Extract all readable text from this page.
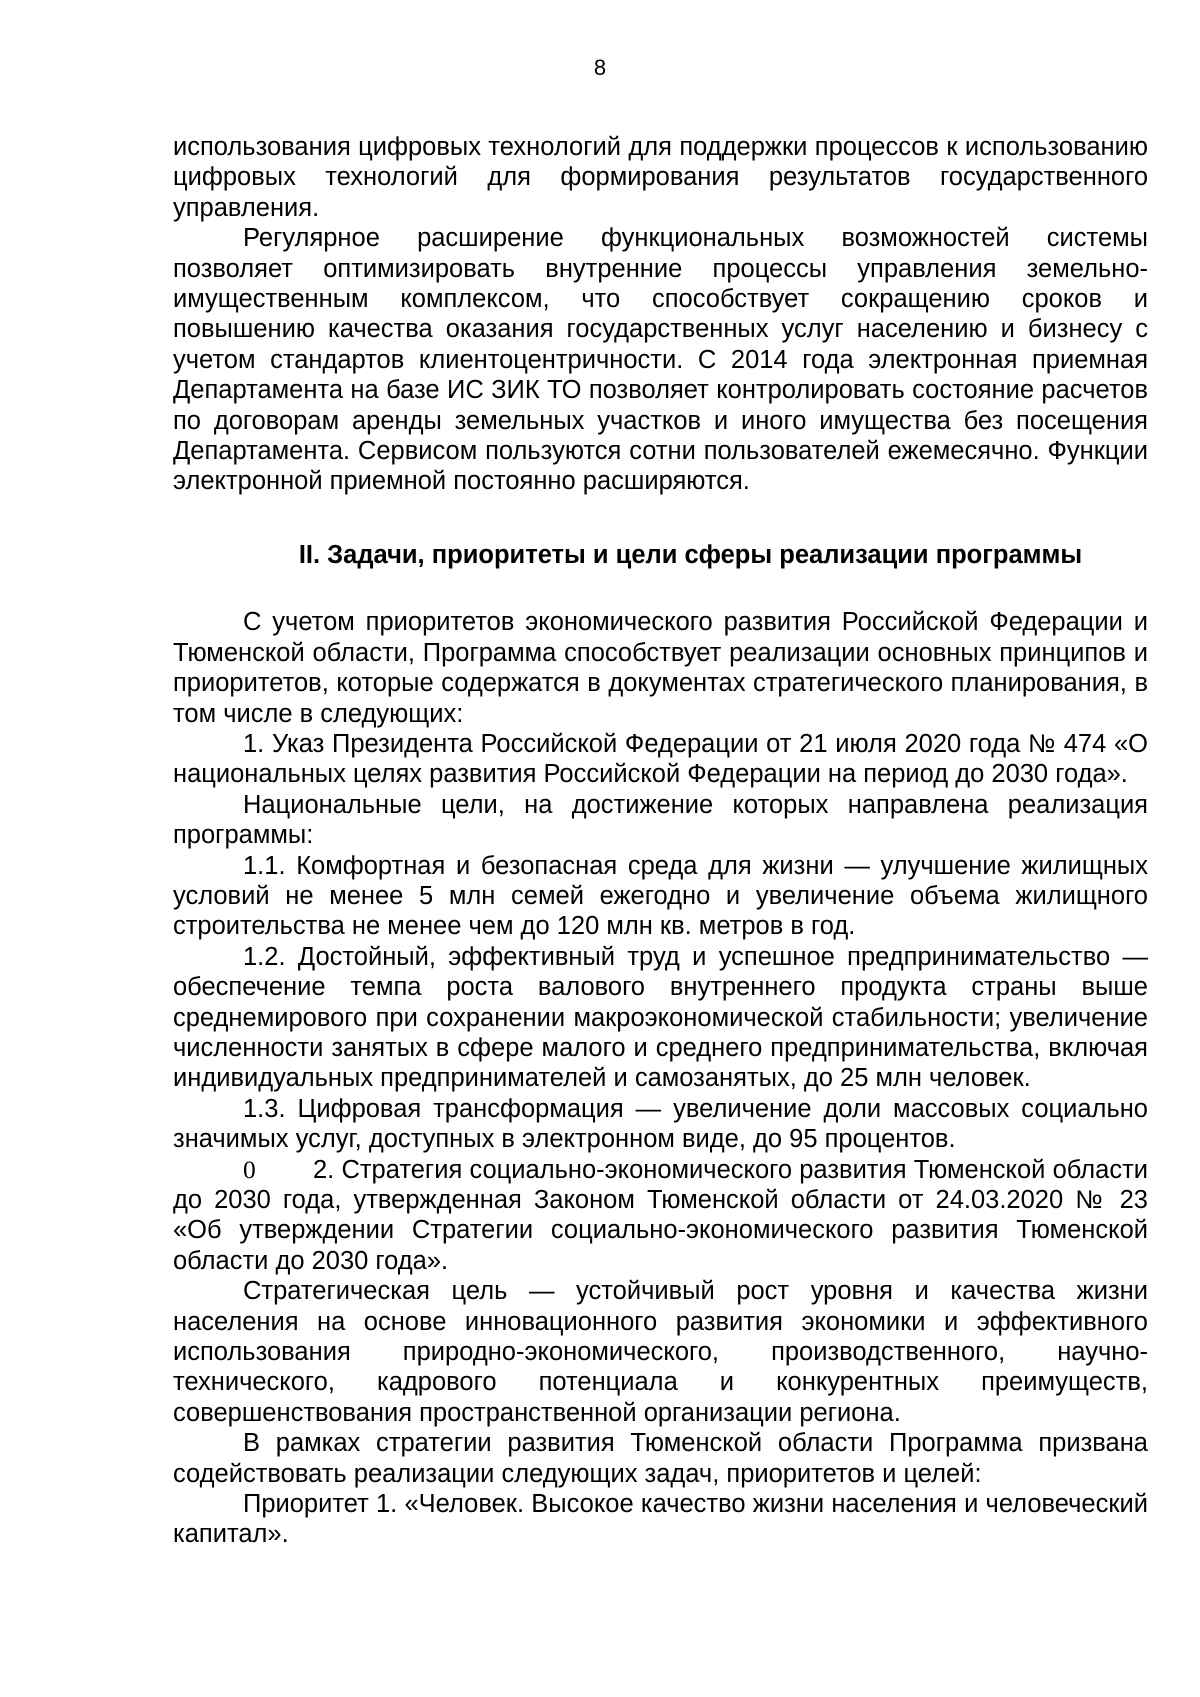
8

использования цифровых технологий для поддержки процессов к использованию цифровых технологий для формирования результатов государственного управления.

Регулярное расширение функциональных возможностей системы позволяет оптимизировать внутренние процессы управления земельно-имущественным комплексом, что способствует сокращению сроков и повышению качества оказания государственных услуг населению и бизнесу с учетом стандартов клиентоцентричности. С 2014 года электронная приемная Департамента на базе ИС ЗИК ТО позволяет контролировать состояние расчетов по договорам аренды земельных участков и иного имущества без посещения Департамента. Сервисом пользуются сотни пользователей ежемесячно. Функции электронной приемной постоянно расширяются.

II. Задачи, приоритеты и цели сферы реализации программы

С учетом приоритетов экономического развития Российской Федерации и Тюменской области, Программа способствует реализации основных принципов и приоритетов, которые содержатся в документах стратегического планирования, в том числе в следующих:

1. Указ Президента Российской Федерации от 21 июля 2020 года № 474 «О национальных целях развития Российской Федерации на период до 2030 года».

Национальные цели, на достижение которых направлена реализация программы:

1.1. Комфортная и безопасная среда для жизни — улучшение жилищных условий не менее 5 млн семей ежегодно и увеличение объема жилищного строительства не менее чем до 120 млн кв. метров в год.

1.2. Достойный, эффективный труд и успешное предпринимательство — обеспечение темпа роста валового внутреннего продукта страны выше среднемирового при сохранении макроэкономической стабильности; увеличение численности занятых в сфере малого и среднего предпринимательства, включая индивидуальных предпринимателей и самозанятых, до 25 млн человек.

1.3. Цифровая трансформация — увеличение доли массовых социально значимых услуг, доступных в электронном виде, до 95 процентов.

0 2. Стратегия социально-экономического развития Тюменской области до 2030 года, утвержденная Законом Тюменской области от 24.03.2020 № 23 «Об утверждении Стратегии социально-экономического развития Тюменской области до 2030 года».

Стратегическая цель — устойчивый рост уровня и качества жизни населения на основе инновационного развития экономики и эффективного использования природно-экономического, производственного, научно-технического, кадрового потенциала и конкурентных преимуществ, совершенствования пространственной организации региона.

В рамках стратегии развития Тюменской области Программа призвана содействовать реализации следующих задач, приоритетов и целей:

Приоритет 1. «Человек. Высокое качество жизни населения и человеческий капитал».
